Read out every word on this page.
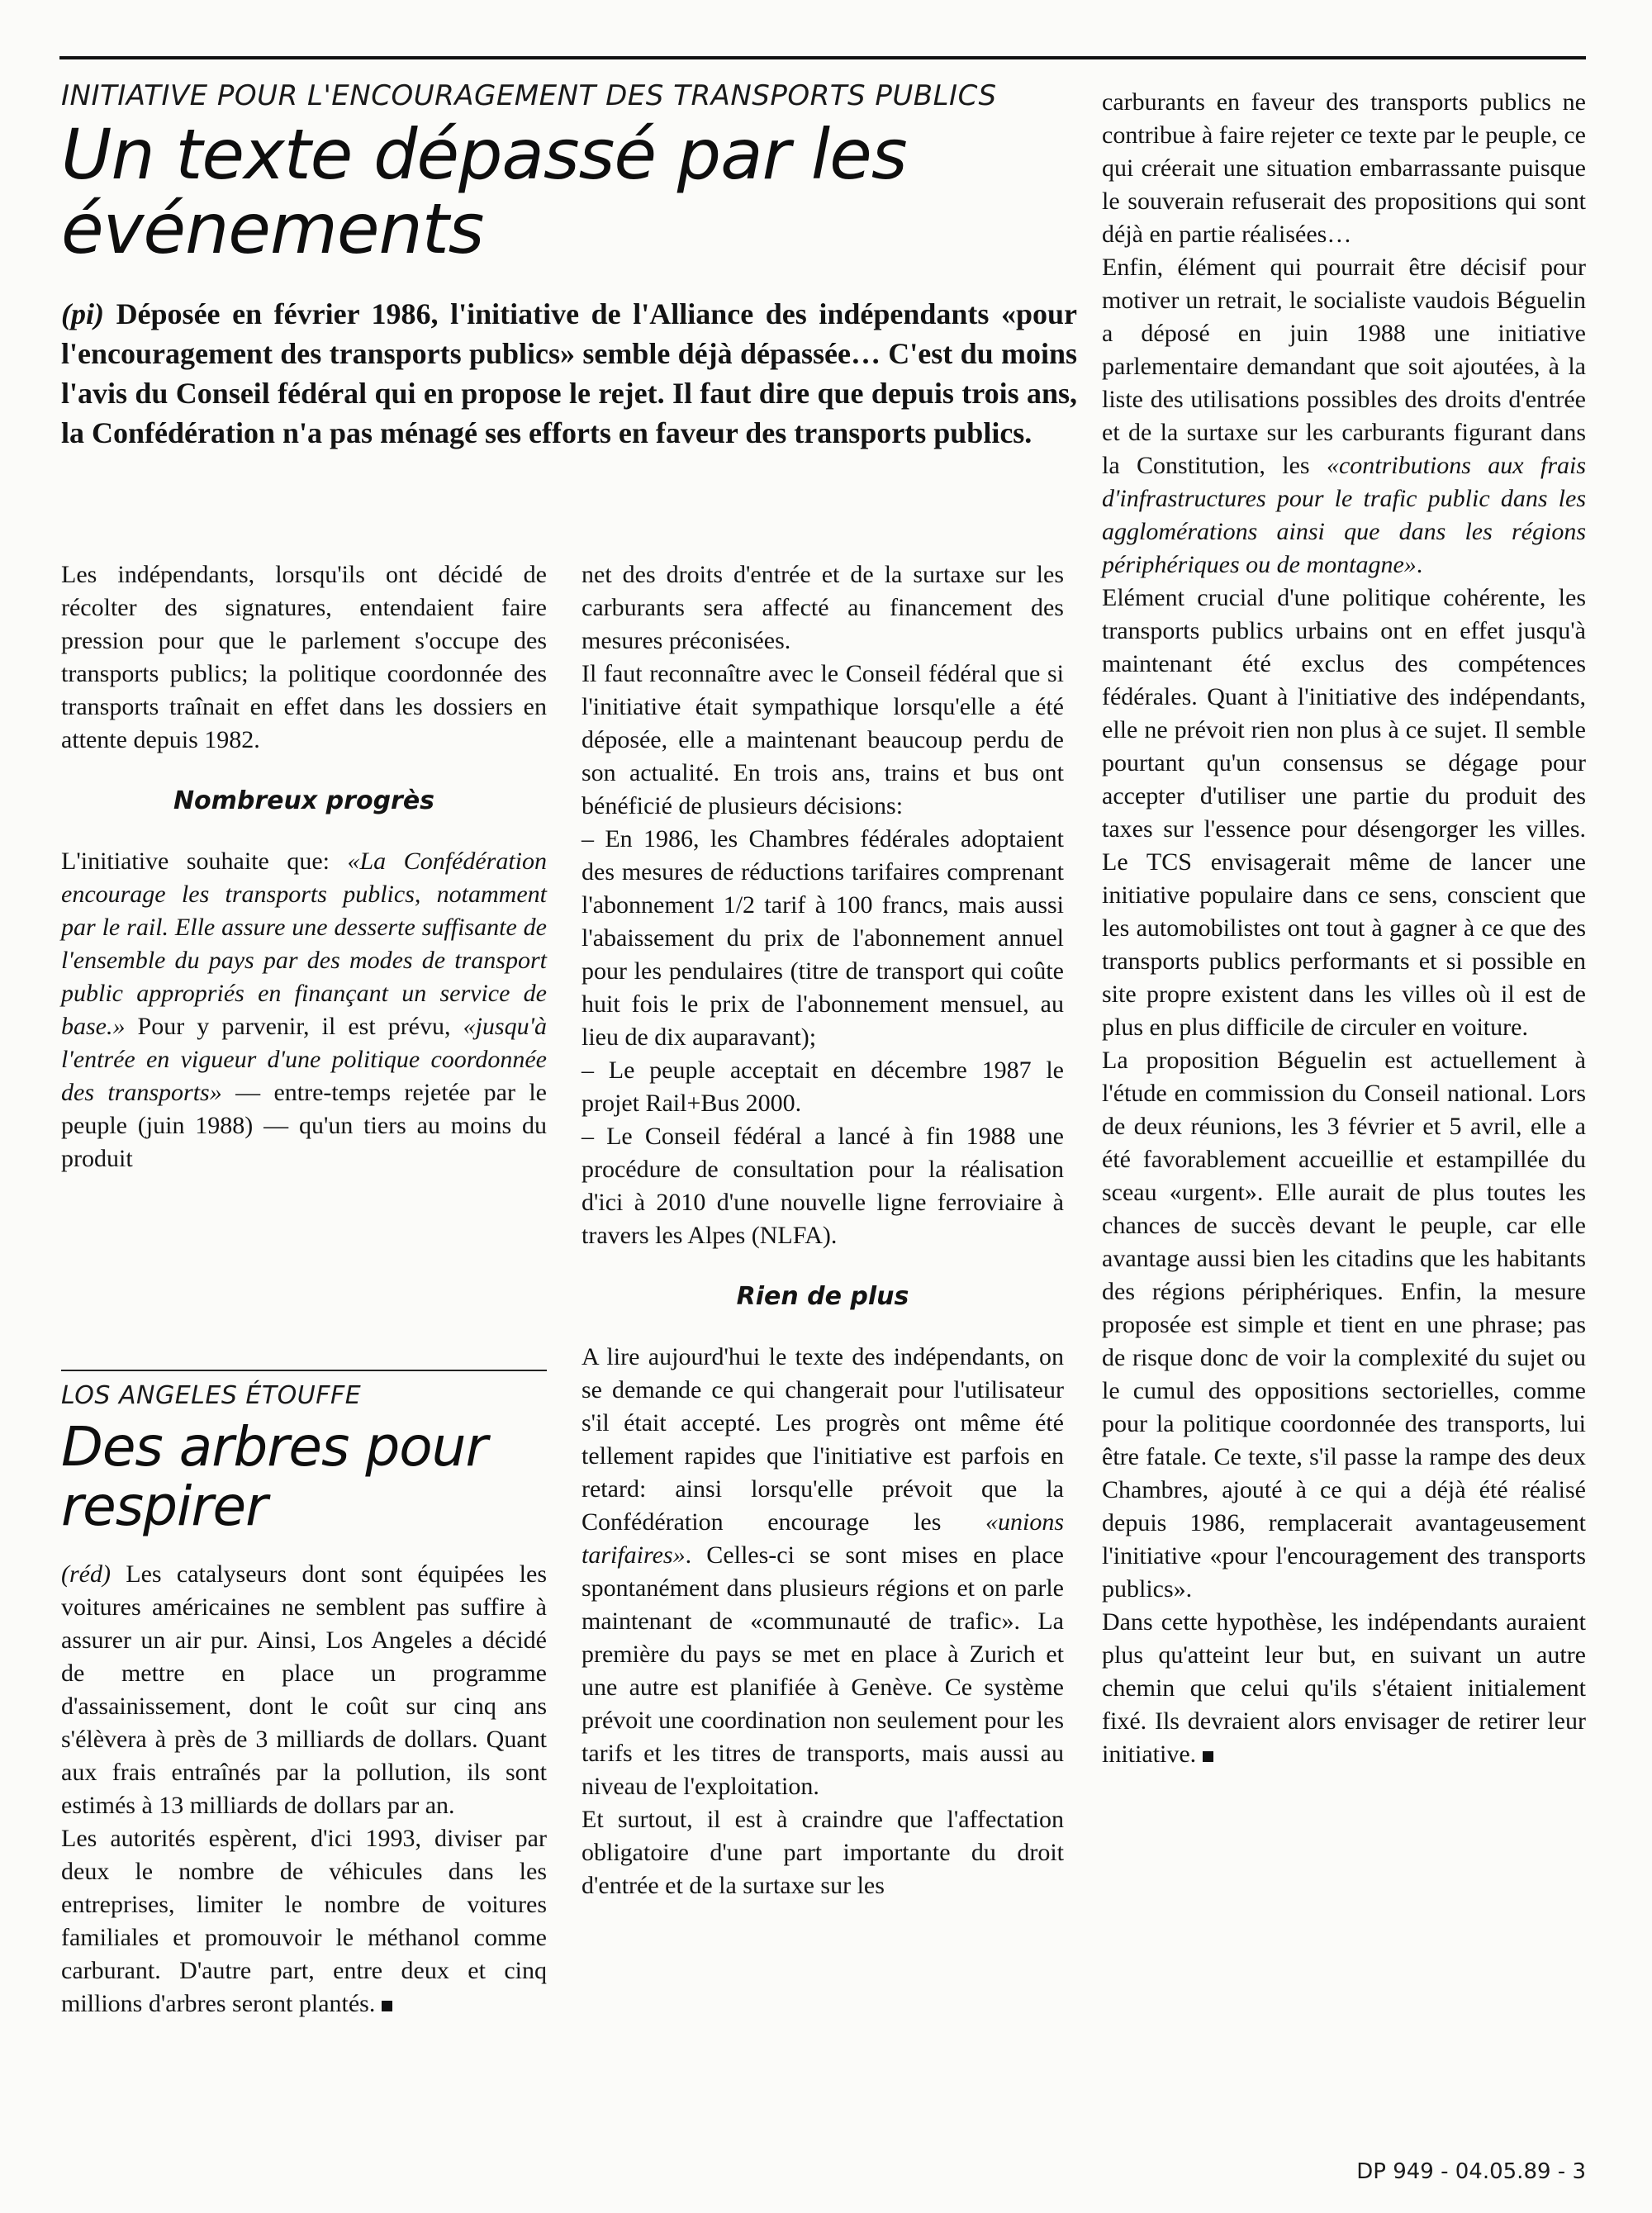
INITIATIVE POUR L'ENCOURAGEMENT DES TRANSPORTS PUBLICS

Un texte dépassé par les événements

(pi) Déposée en février 1986, l'initiative de l'Alliance des indépendants «pour l'encouragement des transports publics» semble déjà dépassée… C'est du moins l'avis du Conseil fédéral qui en propose le rejet. Il faut dire que depuis trois ans, la Confédération n'a pas ménagé ses efforts en faveur des transports publics.

Les indépendants, lorsqu'ils ont décidé de récolter des signatures, entendaient faire pression pour que le parlement s'occupe des transports publics; la politique coordonnée des transports traînait en effet dans les dossiers en attente depuis 1982.

Nombreux progrès

L'initiative souhaite que: «La Confédération encourage les transports publics, notamment par le rail. Elle assure une desserte suffisante de l'ensemble du pays par des modes de transport public appropriés en finançant un service de base.» Pour y parvenir, il est prévu, «jusqu'à l'entrée en vigueur d'une politique coordonnée des transports» — entre-temps rejetée par le peuple (juin 1988) — qu'un tiers au moins du produit

net des droits d'entrée et de la surtaxe sur les carburants sera affecté au financement des mesures préconisées.

Il faut reconnaître avec le Conseil fédéral que si l'initiative était sympathique lorsqu'elle a été déposée, elle a maintenant beaucoup perdu de son actualité. En trois ans, trains et bus ont bénéficié de plusieurs décisions:

– En 1986, les Chambres fédérales adoptaient des mesures de réductions tarifaires comprenant l'abonnement 1/2 tarif à 100 francs, mais aussi l'abaissement du prix de l'abonnement annuel pour les pendulaires (titre de transport qui coûte huit fois le prix de l'abonnement mensuel, au lieu de dix auparavant);

– Le peuple acceptait en décembre 1987 le projet Rail+Bus 2000.

– Le Conseil fédéral a lancé à fin 1988 une procédure de consultation pour la réalisation d'ici à 2010 d'une nouvelle ligne ferroviaire à travers les Alpes (NLFA).

Rien de plus

A lire aujourd'hui le texte des indépendants, on se demande ce qui changerait pour l'utilisateur s'il était accepté. Les progrès ont même été tellement rapides que l'initiative est parfois en retard: ainsi lorsqu'elle prévoit que la Confédération encourage les «unions tarifaires». Celles-ci se sont mises en place spontanément dans plusieurs régions et on parle maintenant de «communauté de trafic». La première du pays se met en place à Zurich et une autre est planifiée à Genève. Ce système prévoit une coordination non seulement pour les tarifs et les titres de transports, mais aussi au niveau de l'exploitation.

Et surtout, il est à craindre que l'affectation obligatoire d'une part importante du droit d'entrée et de la surtaxe sur les

carburants en faveur des transports publics ne contribue à faire rejeter ce texte par le peuple, ce qui créerait une situation embarrassante puisque le souverain refuserait des propositions qui sont déjà en partie réalisées…

Enfin, élément qui pourrait être décisif pour motiver un retrait, le socialiste vaudois Béguelin a déposé en juin 1988 une initiative parlementaire demandant que soit ajoutées, à la liste des utilisations possibles des droits d'entrée et de la surtaxe sur les carburants figurant dans la Constitution, les «contributions aux frais d'infrastructures pour le trafic public dans les agglomérations ainsi que dans les régions périphériques ou de montagne».

Elément crucial d'une politique cohérente, les transports publics urbains ont en effet jusqu'à maintenant été exclus des compétences fédérales. Quant à l'initiative des indépendants, elle ne prévoit rien non plus à ce sujet. Il semble pourtant qu'un consensus se dégage pour accepter d'utiliser une partie du produit des taxes sur l'essence pour désengorger les villes. Le TCS envisagerait même de lancer une initiative populaire dans ce sens, conscient que les automobilistes ont tout à gagner à ce que des transports publics performants et si possible en site propre existent dans les villes où il est de plus en plus difficile de circuler en voiture.

La proposition Béguelin est actuellement à l'étude en commission du Conseil national. Lors de deux réunions, les 3 février et 5 avril, elle a été favorablement accueillie et estampillée du sceau «urgent». Elle aurait de plus toutes les chances de succès devant le peuple, car elle avantage aussi bien les citadins que les habitants des régions périphériques. Enfin, la mesure proposée est simple et tient en une phrase; pas de risque donc de voir la complexité du sujet ou le cumul des oppositions sectorielles, comme pour la politique coordonnée des transports, lui être fatale. Ce texte, s'il passe la rampe des deux Chambres, ajouté à ce qui a déjà été réalisé depuis 1986, remplacerait avantageusement l'initiative «pour l'encouragement des transports publics».

Dans cette hypothèse, les indépendants auraient plus qu'atteint leur but, en suivant un autre chemin que celui qu'ils s'étaient initialement fixé. Ils devraient alors envisager de retirer leur initiative.

LOS ANGELES ÉTOUFFE

Des arbres pour respirer

(réd) Les catalyseurs dont sont équipées les voitures américaines ne semblent pas suffire à assurer un air pur. Ainsi, Los Angeles a décidé de mettre en place un programme d'assainissement, dont le coût sur cinq ans s'élèvera à près de 3 milliards de dollars. Quant aux frais entraînés par la pollution, ils sont estimés à 13 milliards de dollars par an.

Les autorités espèrent, d'ici 1993, diviser par deux le nombre de véhicules dans les entreprises, limiter le nombre de voitures familiales et promouvoir le méthanol comme carburant. D'autre part, entre deux et cinq millions d'arbres seront plantés.

DP 949 - 04.05.89 - 3
